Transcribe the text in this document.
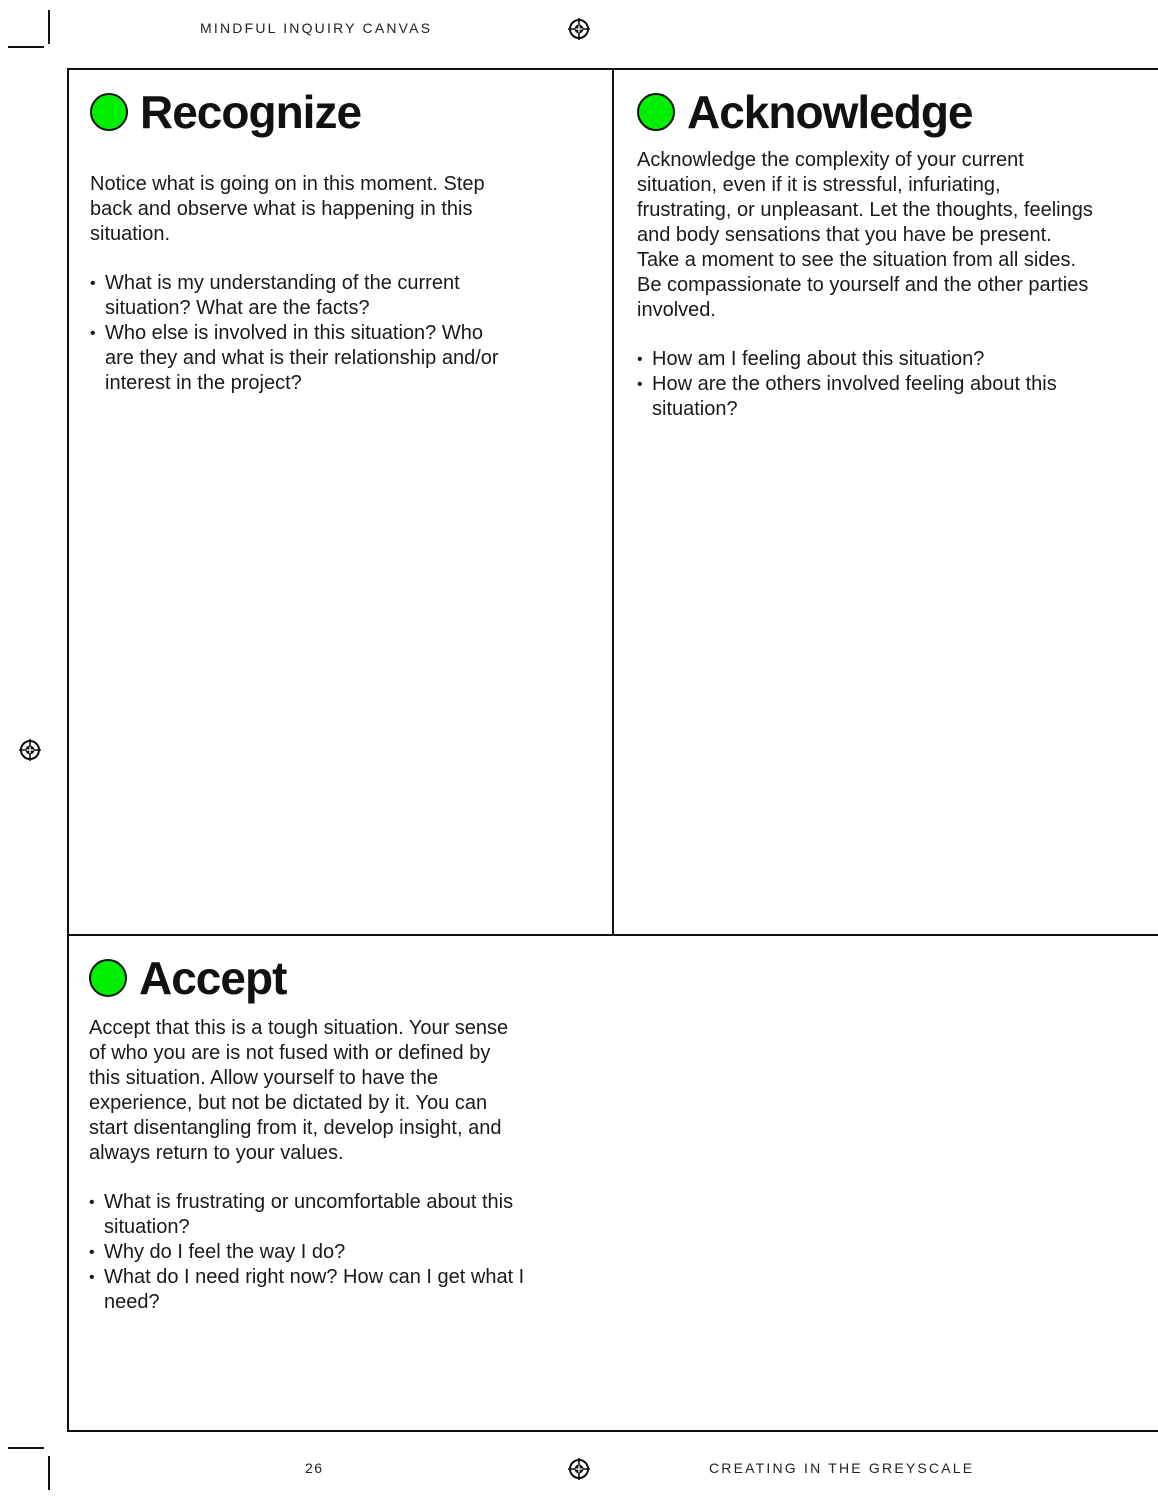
MINDFUL INQUIRY CANVAS
Recognize

Notice what is going on in this moment. Step back and observe what is happening in this situation.

• What is my understanding of the current situation? What are the facts?
• Who else is involved in this situation? Who are they and what is their relationship and/or interest in the project?
Acknowledge

Acknowledge the complexity of your current situation, even if it is stressful, infuriating, frustrating, or unpleasant. Let the thoughts, feelings and body sensations that you have be present. Take a moment to see the situation from all sides. Be compassionate to yourself and the other parties involved.

• How am I feeling about this situation?
• How are the others involved feeling about this situation?
Accept

Accept that this is a tough situation. Your sense of who you are is not fused with or defined by this situation. Allow yourself to have the experience, but not be dictated by it. You can start disentangling from it, develop insight, and always return to your values.

• What is frustrating or uncomfortable about this situation?
• Why do I feel the way I do?
• What do I need right now? How can I get what I need?
26	CREATING IN THE GREYSCALE
